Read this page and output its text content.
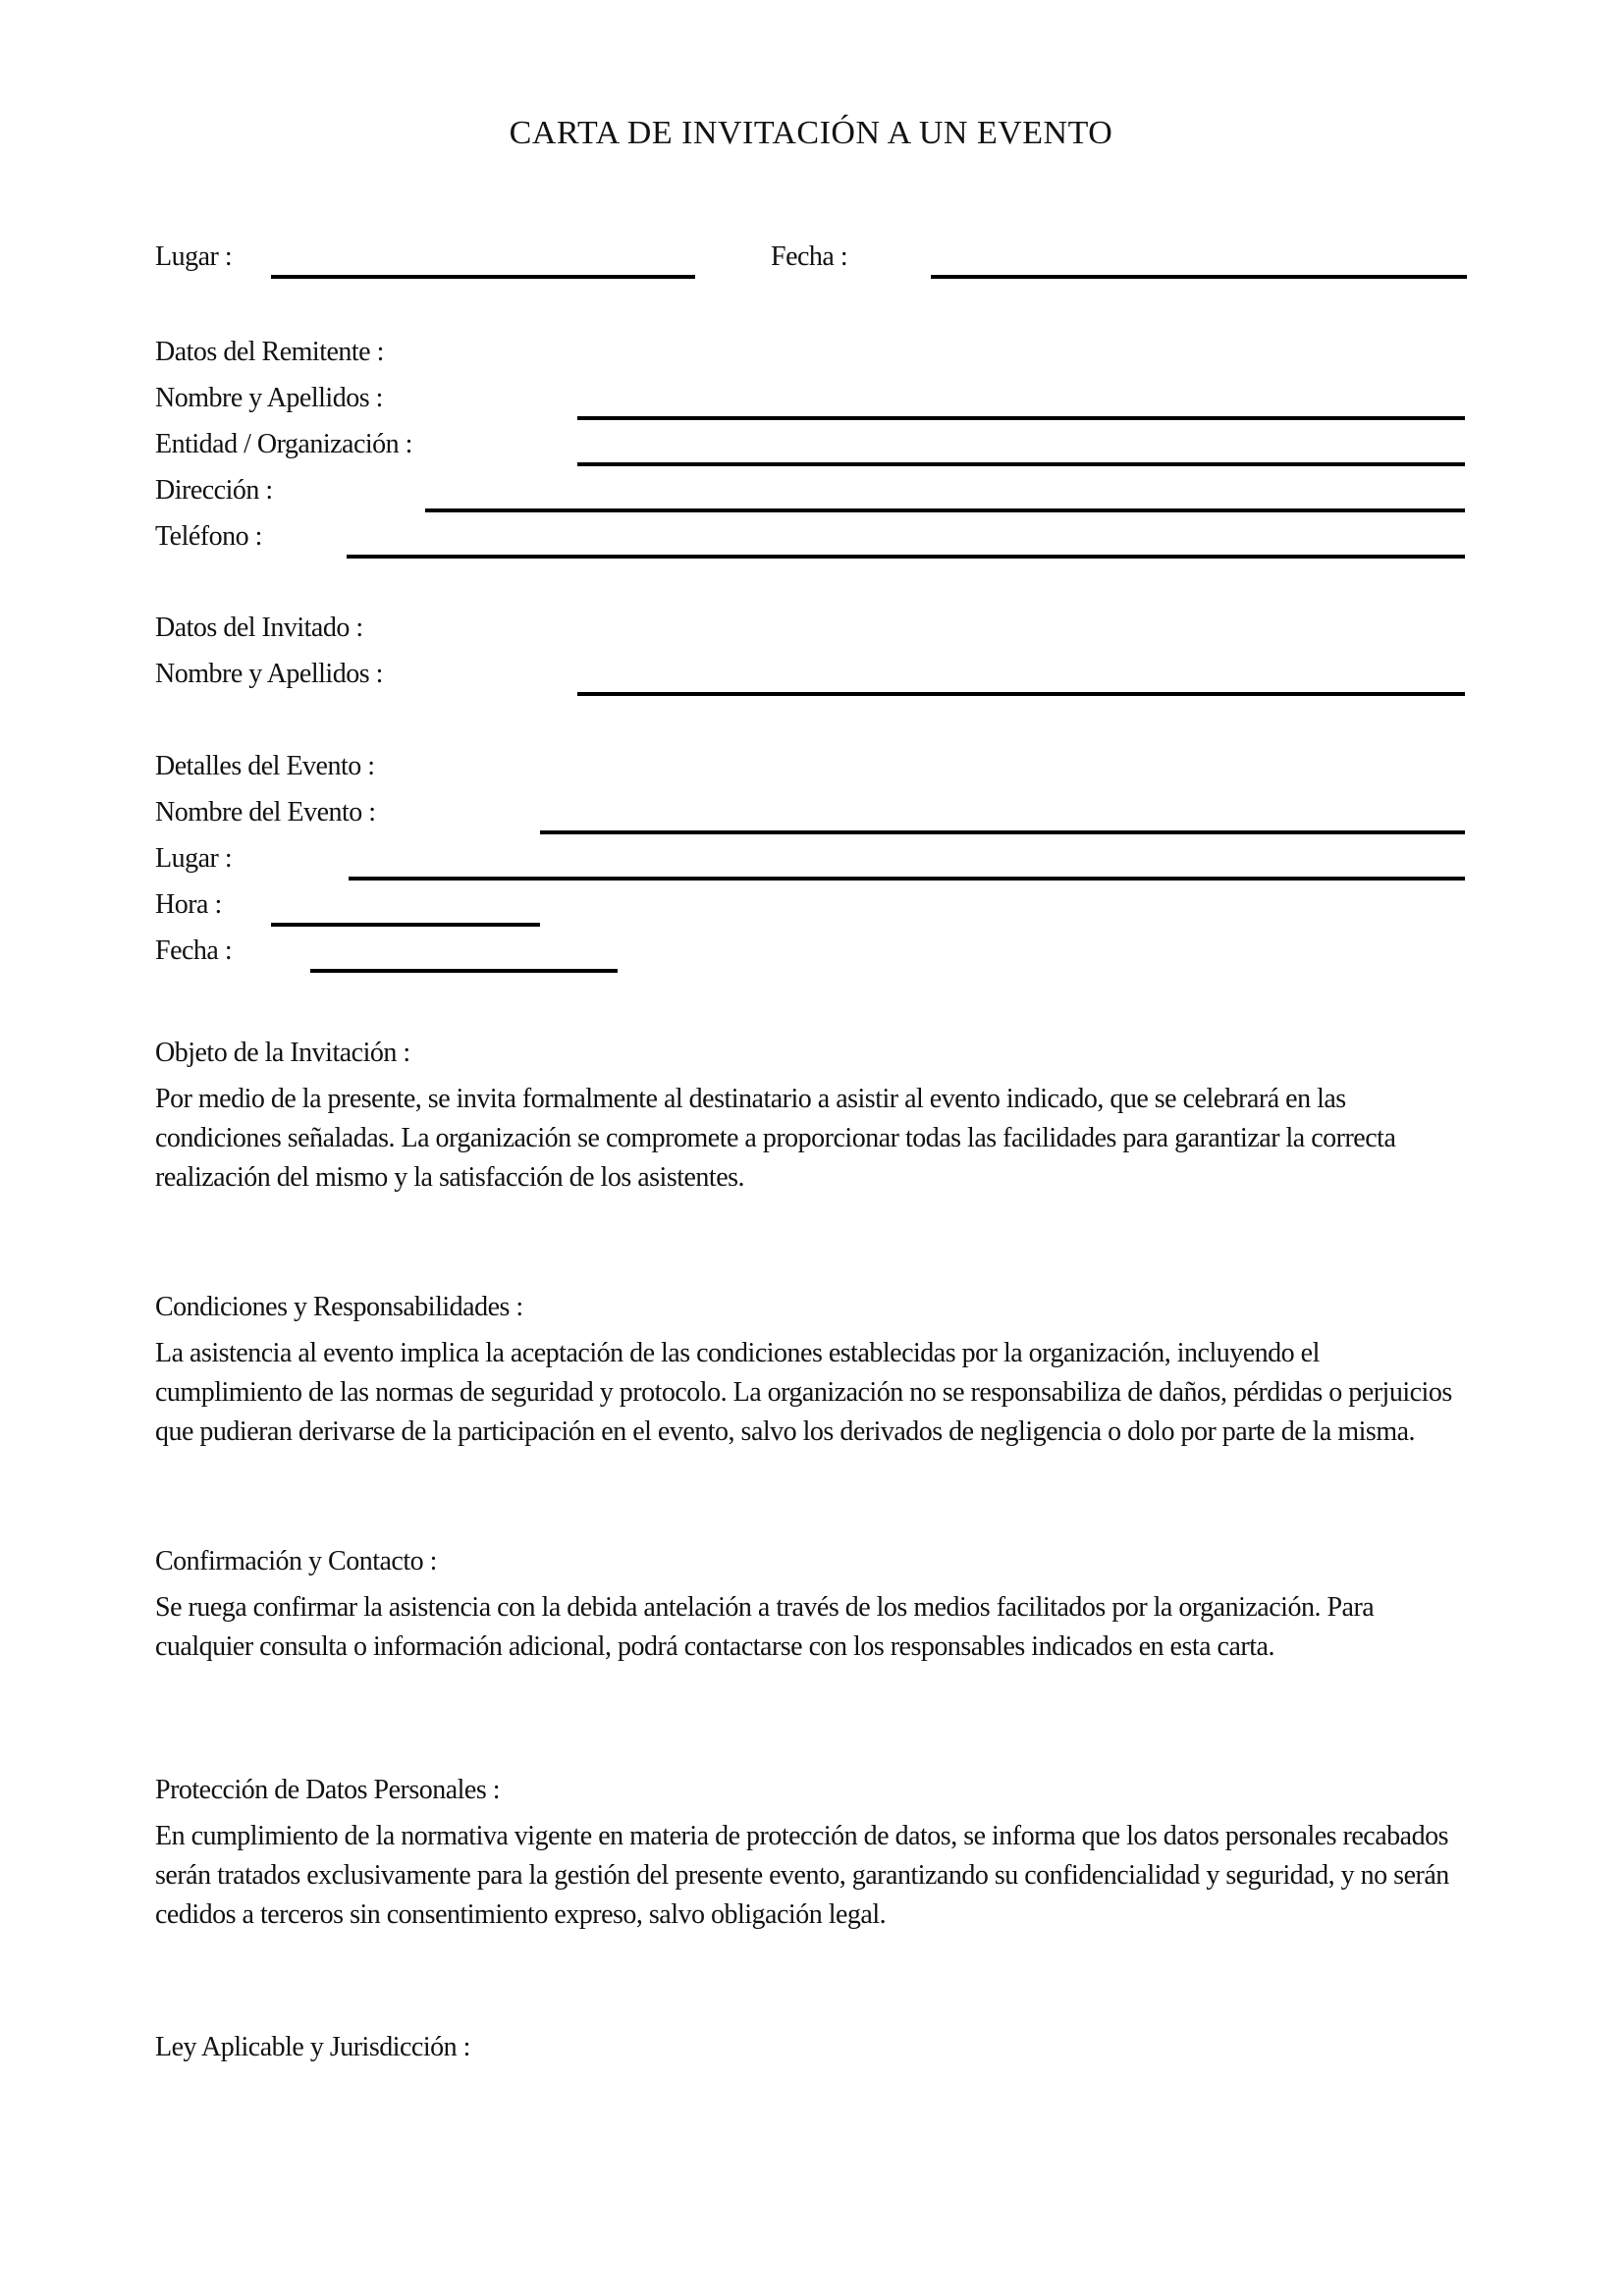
CARTA DE INVITACIÓN A UN EVENTO
Lugar :	Fecha :
Datos del Remitente :
Nombre y Apellidos :
Entidad / Organización :
Dirección :
Teléfono :
Datos del Invitado :
Nombre y Apellidos :
Detalles del Evento :
Nombre del Evento :
Lugar :
Hora :
Fecha :
Objeto de la Invitación :

Por medio de la presente, se invita formalmente al destinatario a asistir al evento indicado, que se celebrará en las condiciones señaladas. La organización se compromete a proporcionar todas las facilidades para garantizar la correcta realización del mismo y la satisfacción de los asistentes.

Condiciones y Responsabilidades :

La asistencia al evento implica la aceptación de las condiciones establecidas por la organización, incluyendo el cumplimiento de las normas de seguridad y protocolo. La organización no se responsabiliza de daños, pérdidas o perjuicios que pudieran derivarse de la participación en el evento, salvo los derivados de negligencia o dolo por parte de la misma.

Confirmación y Contacto :

Se ruega confirmar la asistencia con la debida antelación a través de los medios facilitados por la organización. Para cualquier consulta o información adicional, podrá contactarse con los responsables indicados en esta carta.

Protección de Datos Personales :

En cumplimiento de la normativa vigente en materia de protección de datos, se informa que los datos personales recabados serán tratados exclusivamente para la gestión del presente evento, garantizando su confidencialidad y seguridad, y no serán cedidos a terceros sin consentimiento expreso, salvo obligación legal.

Ley Aplicable y Jurisdicción :
